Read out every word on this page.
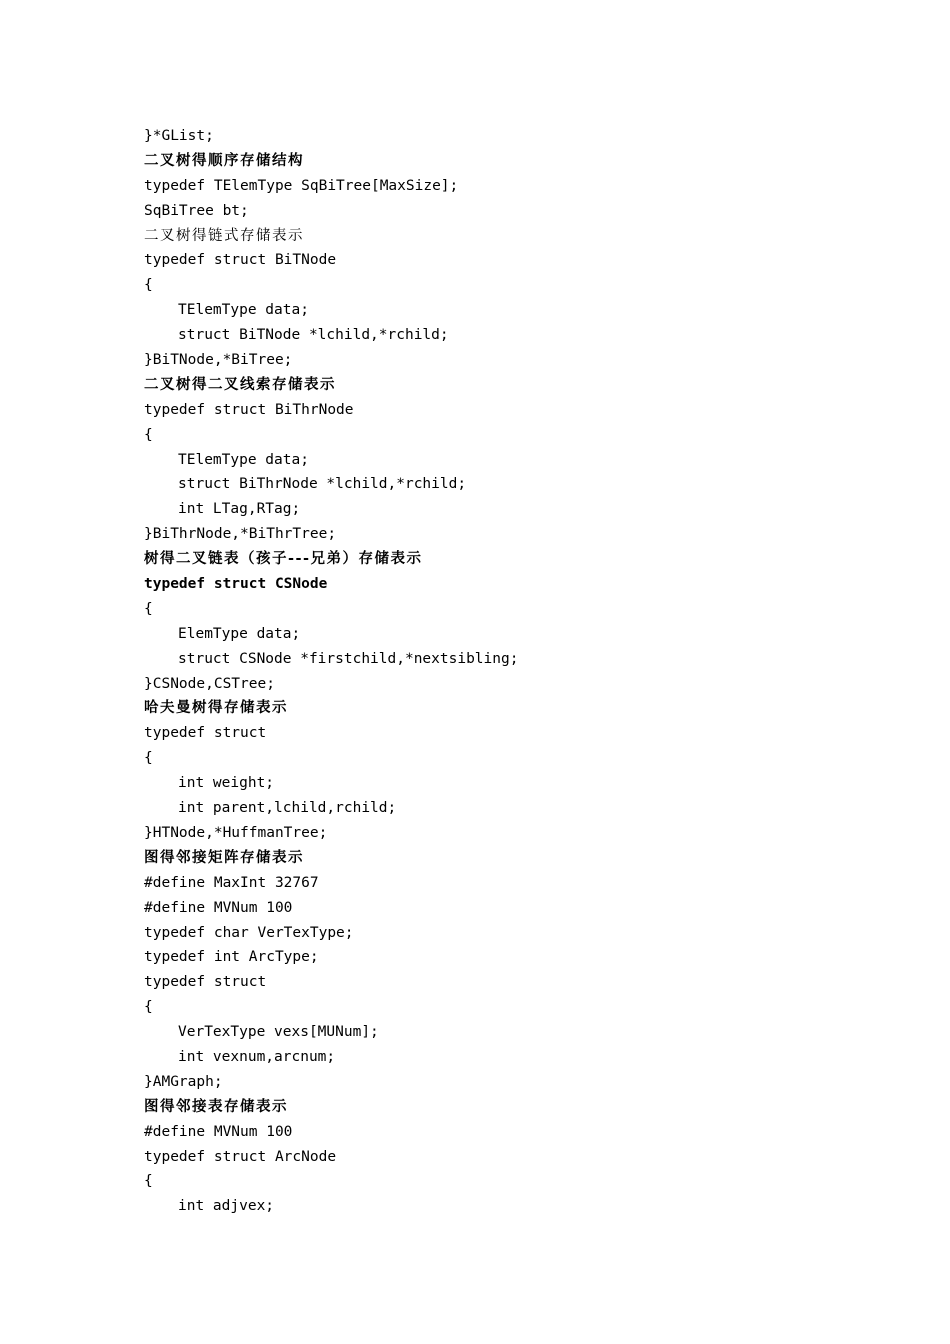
}*GList;
二叉树得顺序存储结构
typedef TElemType SqBiTree[MaxSize];
SqBiTree bt;
二叉树得链式存储表示
typedef struct BiTNode
{
TElemType data;
struct BiTNode *lchild,*rchild;
}BiTNode,*BiTree;
二叉树得二叉线索存储表示
typedef struct BiThrNode
{
TElemType data;
struct BiThrNode *lchild,*rchild;
int LTag,RTag;
}BiThrNode,*BiThrTree;
树得二叉链表（孩子---兄弟）存储表示
typedef struct CSNode
{
ElemType data;
struct CSNode *firstchild,*nextsibling;
}CSNode,CSTree;
哈夫曼树得存储表示
typedef struct
{
int weight;
int parent,lchild,rchild;
}HTNode,*HuffmanTree;
图得邻接矩阵存储表示
#define MaxInt 32767
#define MVNum 100
typedef char VerTexType;
typedef int ArcType;
typedef struct
{
VerTexType vexs[MUNum];
int vexnum,arcnum;
}AMGraph;
图得邻接表存储表示
#define MVNum 100
typedef struct ArcNode
{
int adjvex;
